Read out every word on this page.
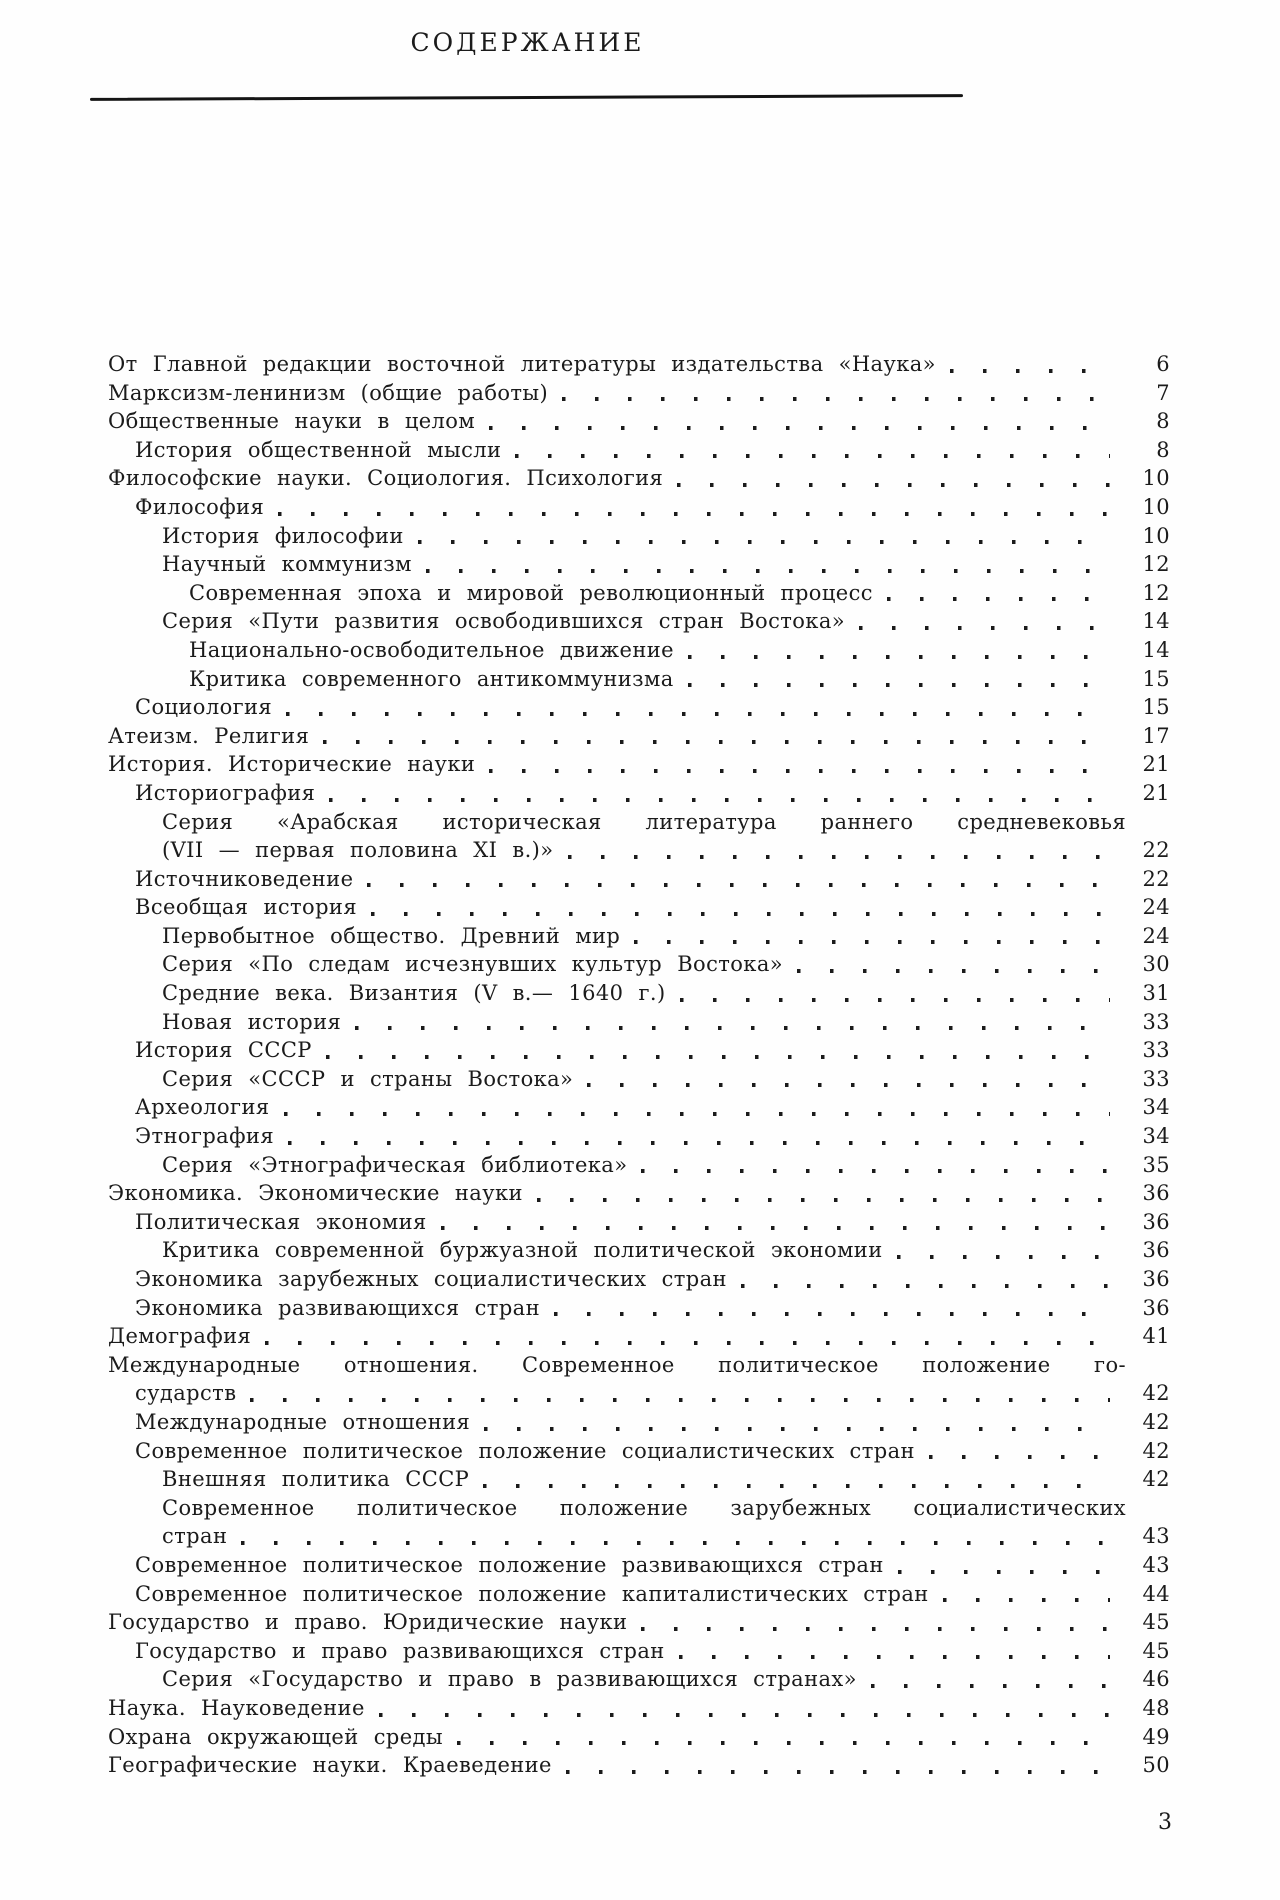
СОДЕРЖАНИЕ
От Главной редакции восточной литературы издательства «Наука»	6
Марксизм-ленинизм (общие работы)	7
Общественные науки в целом	8
История общественной мысли	8
Философские науки. Социология. Психология	10
Философия	10
История философии	10
Научный коммунизм	12
Современная эпоха и мировой революционный процесс	12
Серия «Пути развития освободившихся стран Востока»	14
Национально-освободительное движение	14
Критика современного антикоммунизма	15
Социология	15
Атеизм. Религия	17
История. Исторические науки	21
Историография	21
Серия «Арабская историческая литература раннего средневековья
(VII — первая половина XI в.)»	22
Источниковедение	22
Всеобщая история	24
Первобытное общество. Древний мир	24
Серия «По следам исчезнувших культур Востока»	30
Средние века. Византия (V в.— 1640 г.)	31
Новая история	33
История СССР	33
Серия «СССР и страны Востока»	33
Археология	34
Этнография	34
Серия «Этнографическая библиотека»	35
Экономика. Экономические науки	36
Политическая экономия	36
Критика современной буржуазной политической экономии	36
Экономика зарубежных социалистических стран	36
Экономика развивающихся стран	36
Демография	41
Международные отношения. Современное политическое положение го-
сударств	42
Международные отношения	42
Современное политическое положение социалистических стран	42
Внешняя политика СССР	42
Современное политическое положение зарубежных социалистических
стран	43
Современное политическое положение развивающихся стран	43
Современное политическое положение капиталистических стран	44
Государство и право. Юридические науки	45
Государство и право развивающихся стран	45
Серия «Государство и право в развивающихся странах»	46
Наука. Науковедение	48
Охрана окружающей среды	49
Географические науки. Краеведение	50
3
